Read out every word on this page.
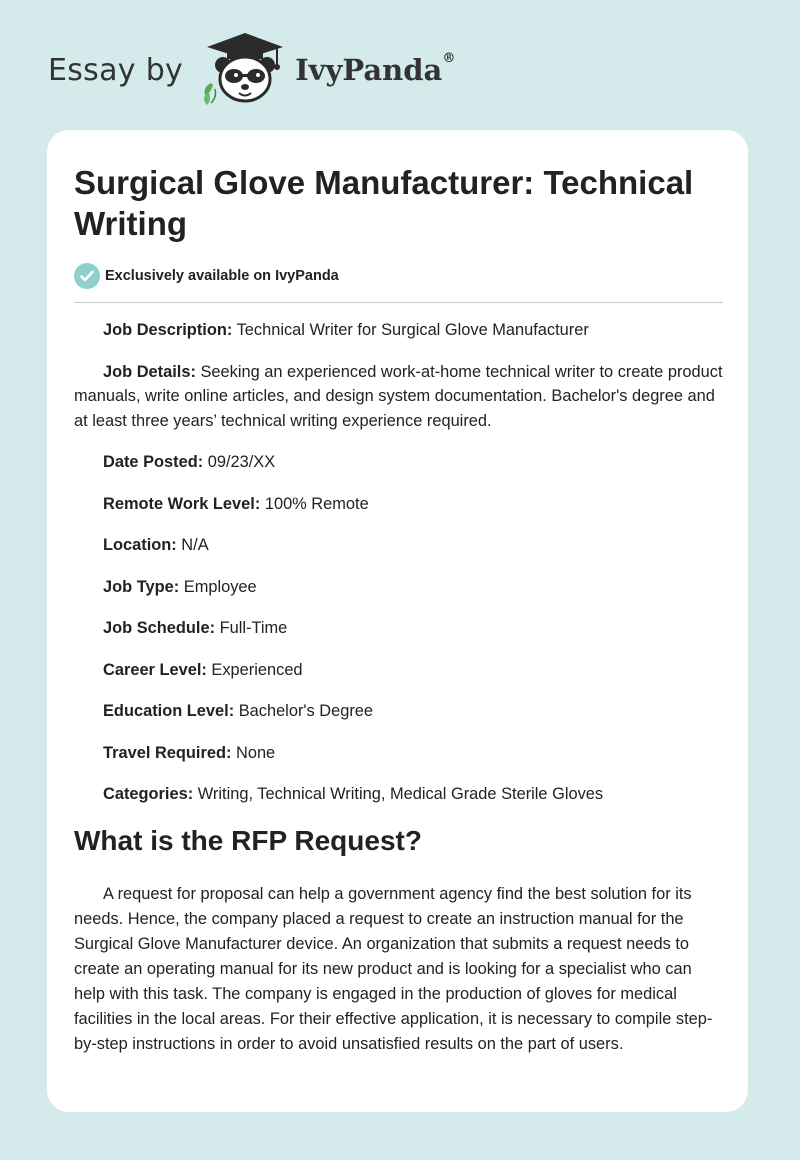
Essay by	IvyPanda®
Surgical Glove Manufacturer: Technical Writing
Exclusively available on IvyPanda

Job Description: Technical Writer for Surgical Glove Manufacturer

Job Details: Seeking an experienced work-at-home technical writer to create product manuals, write online articles, and design system documentation. Bachelor's degree and at least three years’ technical writing experience required.

Date Posted: 09/23/XX

Remote Work Level: 100% Remote

Location: N/A

Job Type: Employee

Job Schedule: Full-Time

Career Level: Experienced

Education Level: Bachelor's Degree

Travel Required: None

Categories: Writing, Technical Writing, Medical Grade Sterile Gloves

What is the RFP Request?

A request for proposal can help a government agency find the best solution for its needs. Hence, the company placed a request to create an instruction manual for the Surgical Glove Manufacturer device. An organization that submits a request needs to create an operating manual for its new product and is looking for a specialist who can help with this task. The company is engaged in the production of gloves for medical facilities in the local areas. For their effective application, it is necessary to compile step-by-step instructions in order to avoid unsatisfied results on the part of users.
